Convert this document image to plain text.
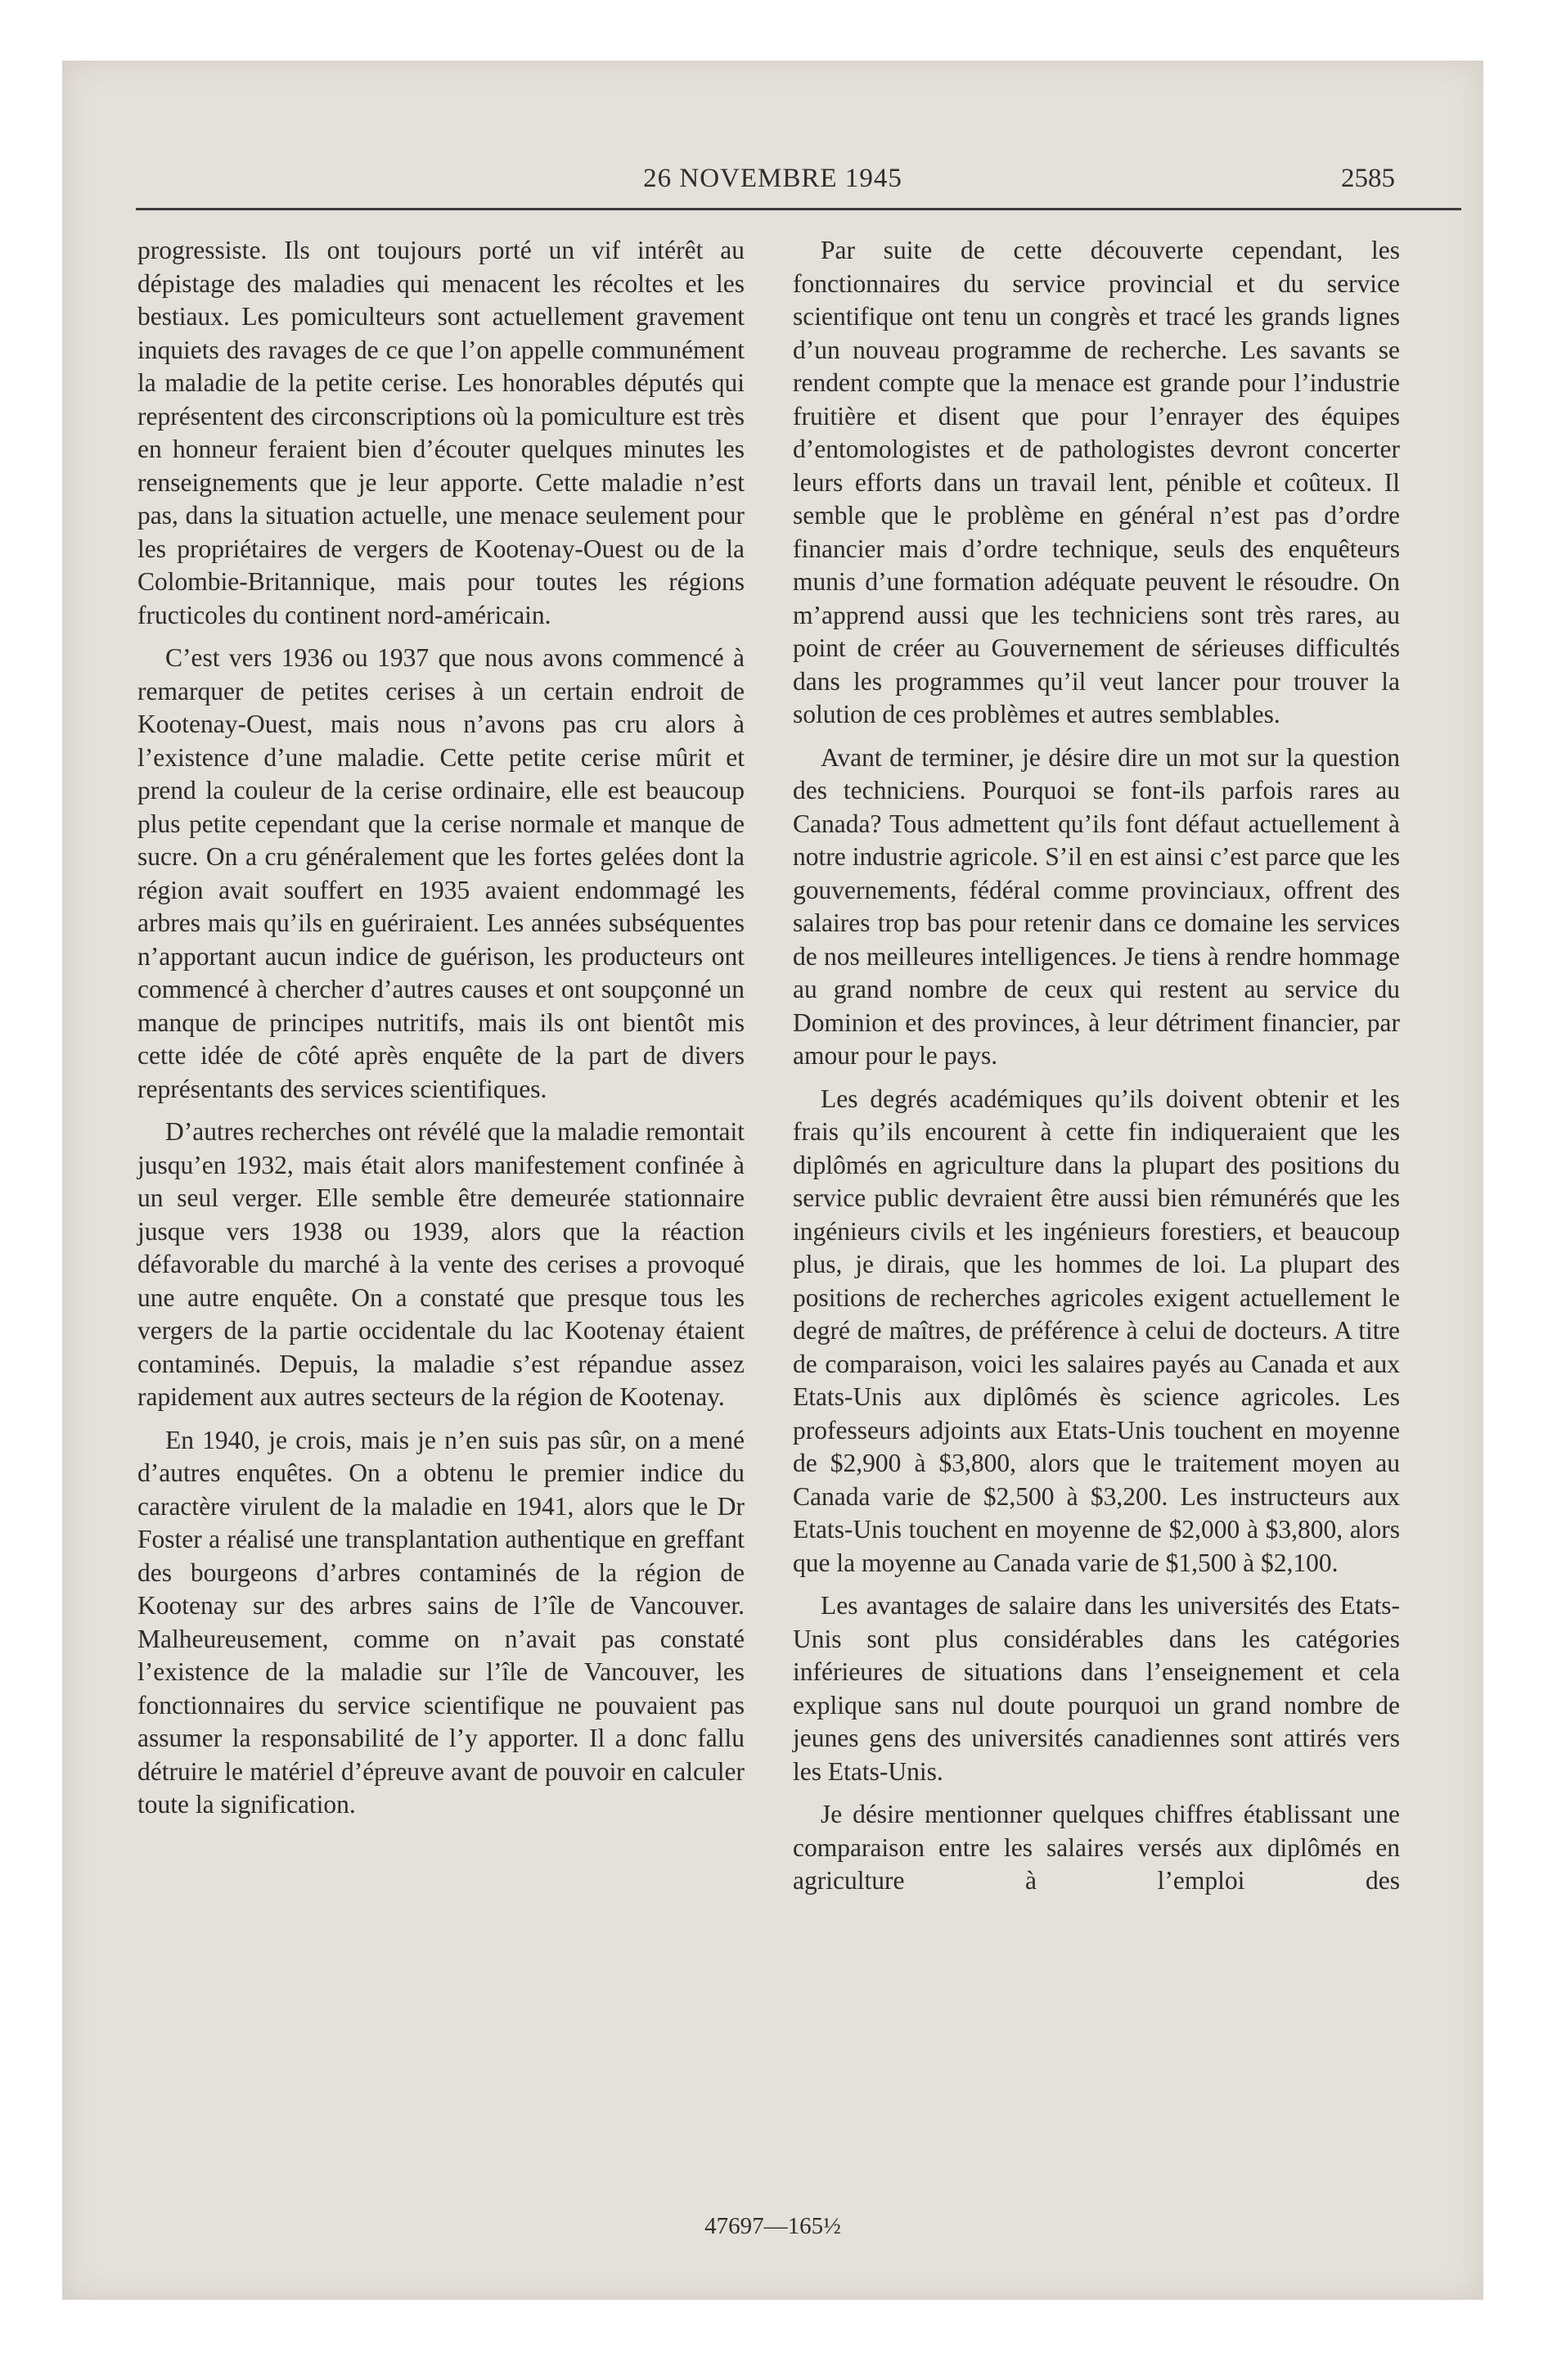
26 NOVEMBRE 1945	2585

progressiste. Ils ont toujours porté un vif intérêt au dépistage des maladies qui menacent les récoltes et les bestiaux. Les pomiculteurs sont actuellement gravement inquiets des ravages de ce que l’on appelle communément la maladie de la petite cerise. Les honorables députés qui représentent des circonscriptions où la pomiculture est très en honneur feraient bien d’écouter quelques minutes les renseignements que je leur apporte. Cette maladie n’est pas, dans la situation actuelle, une menace seulement pour les propriétaires de vergers de Kootenay-Ouest ou de la Colombie-Britannique, mais pour toutes les régions fructicoles du continent nord-américain.

C’est vers 1936 ou 1937 que nous avons commencé à remarquer de petites cerises à un certain endroit de Kootenay-Ouest, mais nous n’avons pas cru alors à l’existence d’une maladie. Cette petite cerise mûrit et prend la couleur de la cerise ordinaire, elle est beaucoup plus petite cependant que la cerise normale et manque de sucre. On a cru généralement que les fortes gelées dont la région avait souffert en 1935 avaient endommagé les arbres mais qu’ils en guériraient. Les années subséquentes n’apportant aucun indice de guérison, les producteurs ont commencé à chercher d’autres causes et ont soupçonné un manque de principes nutritifs, mais ils ont bientôt mis cette idée de côté après enquête de la part de divers représentants des services scientifiques.

D’autres recherches ont révélé que la maladie remontait jusqu’en 1932, mais était alors manifestement confinée à un seul verger. Elle semble être demeurée stationnaire jusque vers 1938 ou 1939, alors que la réaction défavorable du marché à la vente des cerises a provoqué une autre enquête. On a constaté que presque tous les vergers de la partie occidentale du lac Kootenay étaient contaminés. Depuis, la maladie s’est répandue assez rapidement aux autres secteurs de la région de Kootenay.

En 1940, je crois, mais je n’en suis pas sûr, on a mené d’autres enquêtes. On a obtenu le premier indice du caractère virulent de la maladie en 1941, alors que le Dr Foster a réalisé une transplantation authentique en greffant des bourgeons d’arbres contaminés de la région de Kootenay sur des arbres sains de l’île de Vancouver. Malheureusement, comme on n’avait pas constaté l’existence de la maladie sur l’île de Vancouver, les fonctionnaires du service scientifique ne pouvaient pas assumer la responsabilité de l’y apporter. Il a donc fallu détruire le matériel d’épreuve avant de pouvoir en calculer toute la signification.

Par suite de cette découverte cependant, les fonctionnaires du service provincial et du service scientifique ont tenu un congrès et tracé les grands lignes d’un nouveau programme de recherche. Les savants se rendent compte que la menace est grande pour l’industrie fruitière et disent que pour l’enrayer des équipes d’entomologistes et de pathologistes devront concerter leurs efforts dans un travail lent, pénible et coûteux. Il semble que le problème en général n’est pas d’ordre financier mais d’ordre technique, seuls des enquêteurs munis d’une formation adéquate peuvent le résoudre. On m’apprend aussi que les techniciens sont très rares, au point de créer au Gouvernement de sérieuses difficultés dans les programmes qu’il veut lancer pour trouver la solution de ces problèmes et autres semblables.

Avant de terminer, je désire dire un mot sur la question des techniciens. Pourquoi se font-ils parfois rares au Canada? Tous admettent qu’ils font défaut actuellement à notre industrie agricole. S’il en est ainsi c’est parce que les gouvernements, fédéral comme provinciaux, offrent des salaires trop bas pour retenir dans ce domaine les services de nos meilleures intelligences. Je tiens à rendre hommage au grand nombre de ceux qui restent au service du Dominion et des provinces, à leur détriment financier, par amour pour le pays.

Les degrés académiques qu’ils doivent obtenir et les frais qu’ils encourent à cette fin indiqueraient que les diplômés en agriculture dans la plupart des positions du service public devraient être aussi bien rémunérés que les ingénieurs civils et les ingénieurs forestiers, et beaucoup plus, je dirais, que les hommes de loi. La plupart des positions de recherches agricoles exigent actuellement le degré de maîtres, de préférence à celui de docteurs. A titre de comparaison, voici les salaires payés au Canada et aux Etats-Unis aux diplômés ès science agricoles. Les professeurs adjoints aux Etats-Unis touchent en moyenne de $2,900 à $3,800, alors que le traitement moyen au Canada varie de $2,500 à $3,200. Les instructeurs aux Etats-Unis touchent en moyenne de $2,000 à $3,800, alors que la moyenne au Canada varie de $1,500 à $2,100.

Les avantages de salaire dans les universités des Etats-Unis sont plus considérables dans les catégories inférieures de situations dans l’enseignement et cela explique sans nul doute pourquoi un grand nombre de jeunes gens des universités canadiennes sont attirés vers les Etats-Unis.

Je désire mentionner quelques chiffres établissant une comparaison entre les salaires versés aux diplômés en agriculture à l’emploi des

47697—165½
